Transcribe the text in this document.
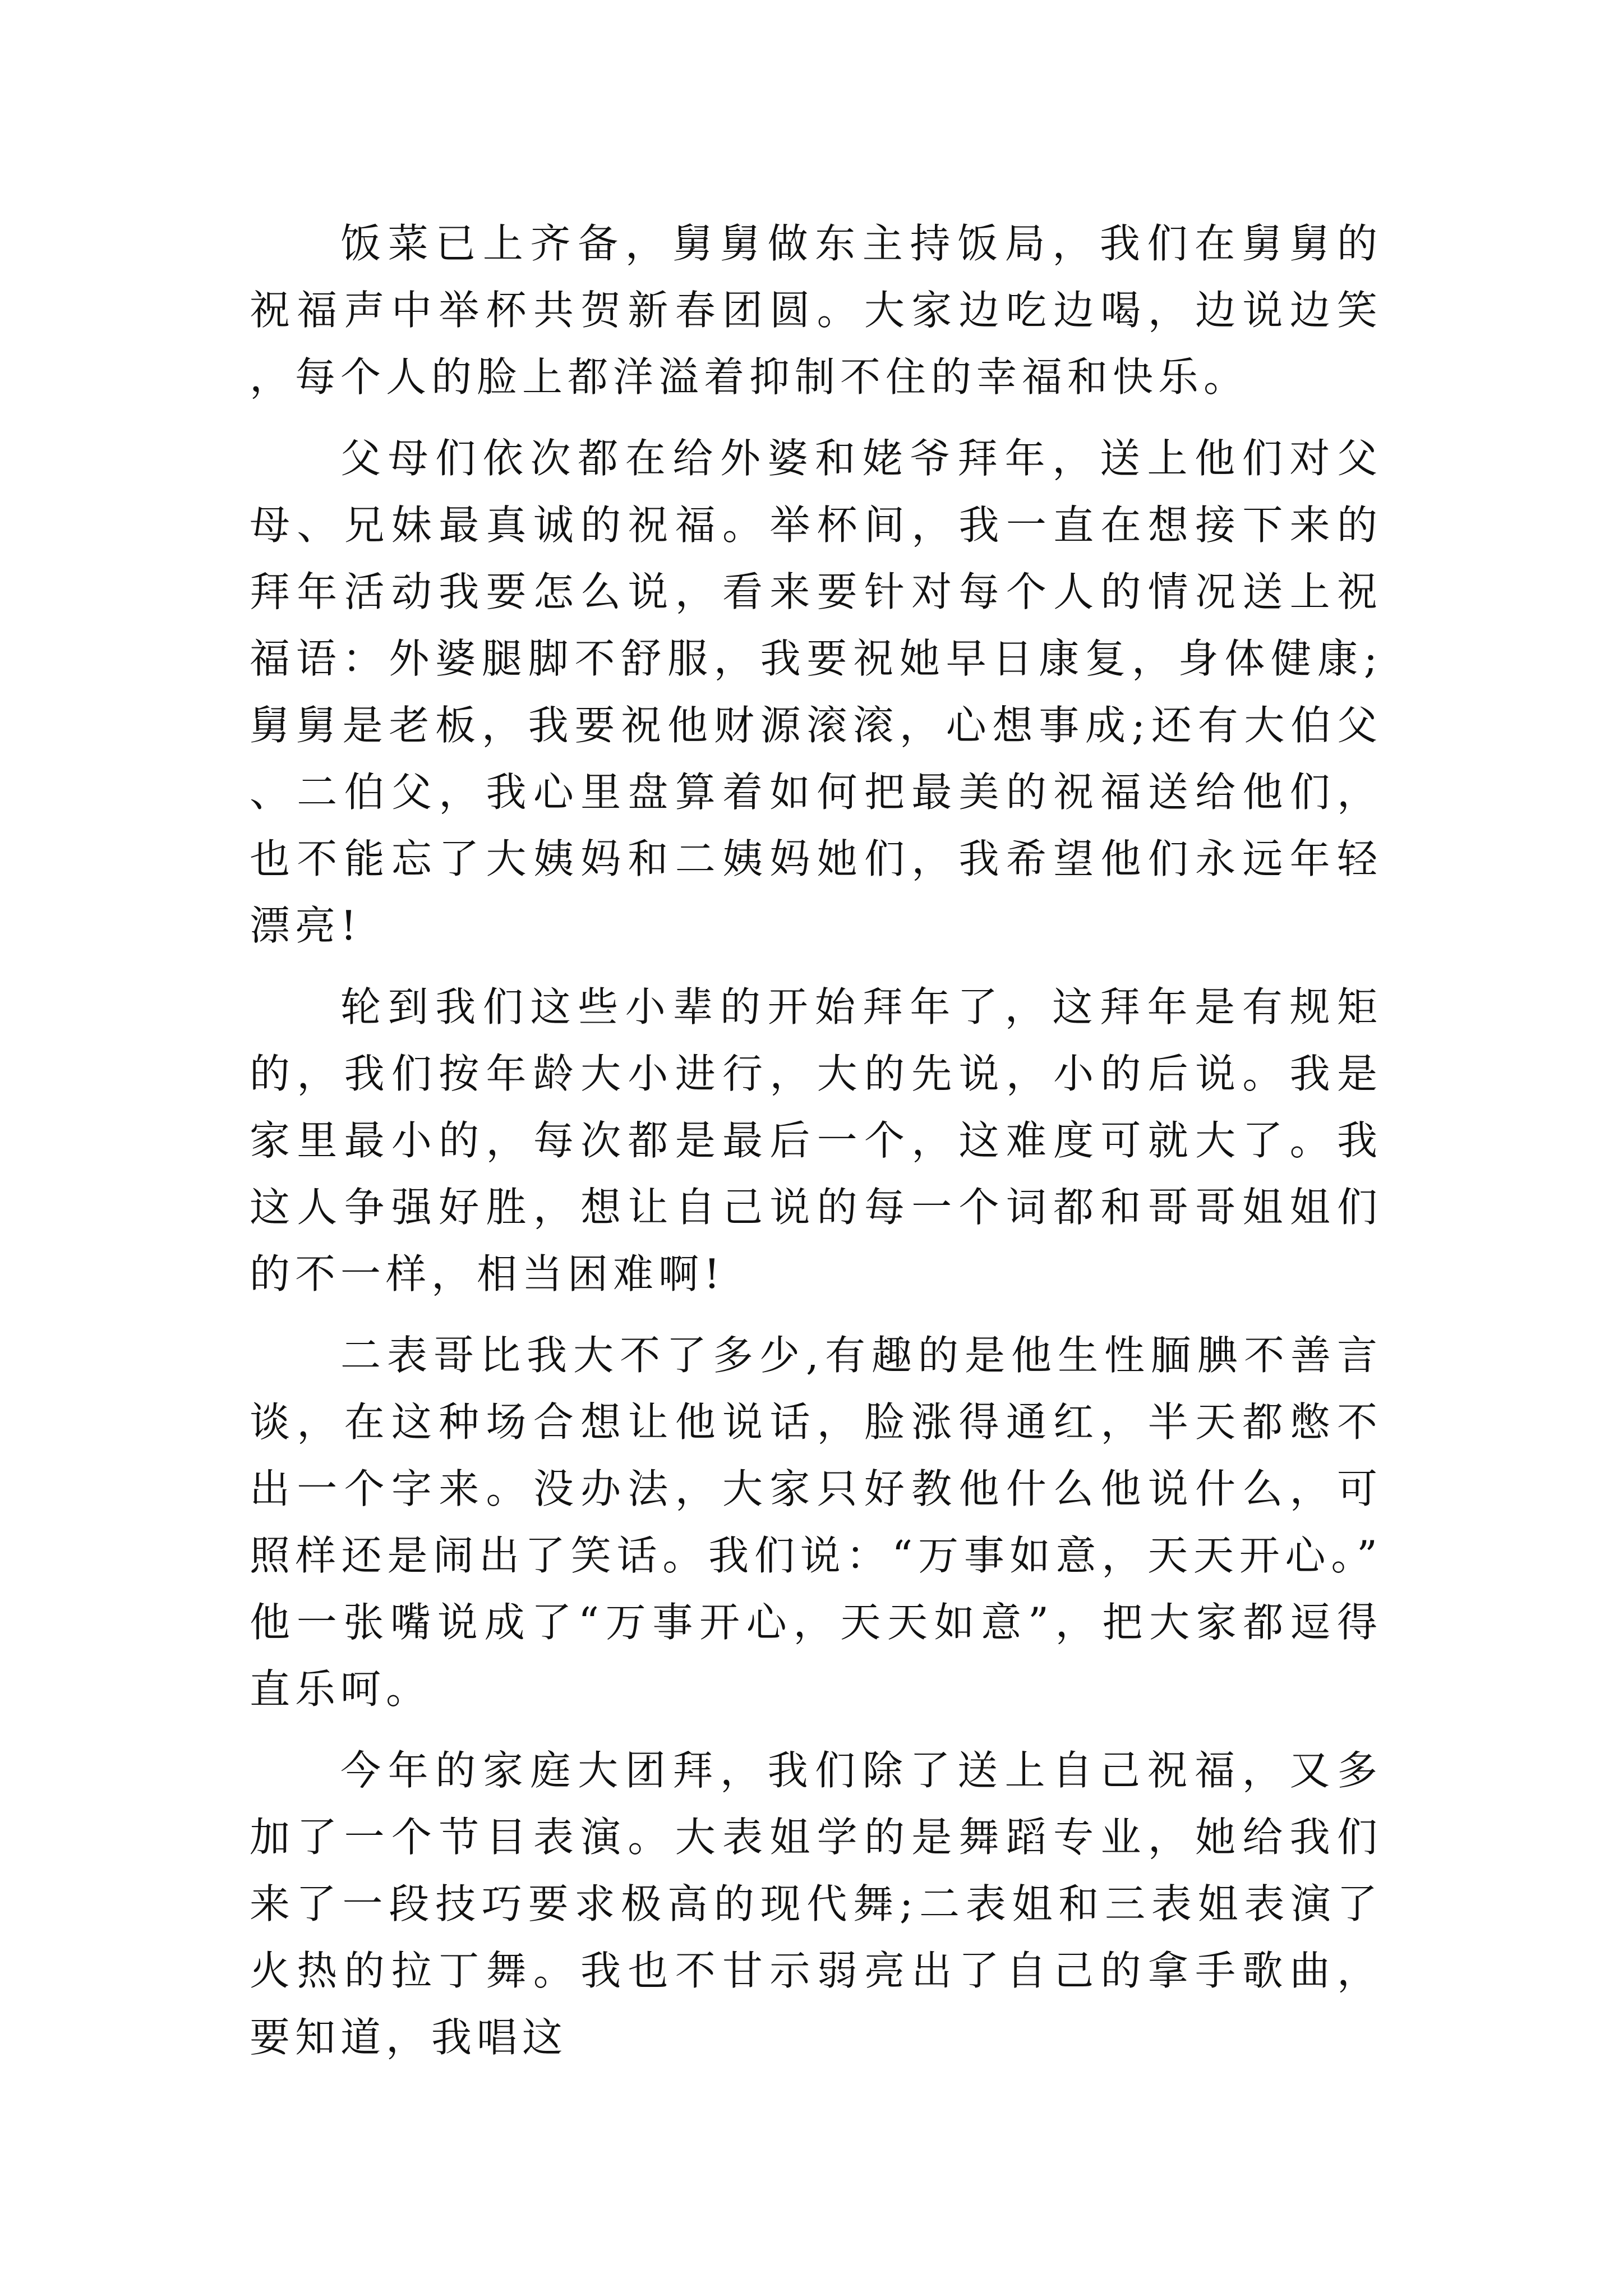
饭菜已上齐备，舅舅做东主持饭局，我们在舅舅的祝福声中举杯共贺新春团圆。大家边吃边喝，边说边笑，每个人的脸上都洋溢着抑制不住的幸福和快乐。

父母们依次都在给外婆和姥爷拜年，送上他们对父母、兄妹最真诚的祝福。举杯间，我一直在想接下来的拜年活动我要怎么说，看来要针对每个人的情况送上祝福语：外婆腿脚不舒服，我要祝她早日康复，身体健康;舅舅是老板，我要祝他财源滚滚，心想事成;还有大伯父、二伯父，我心里盘算着如何把最美的祝福送给他们，也不能忘了大姨妈和二姨妈她们，我希望他们永远年轻漂亮!

轮到我们这些小辈的开始拜年了，这拜年是有规矩的，我们按年龄大小进行，大的先说，小的后说。我是家里最小的，每次都是最后一个，这难度可就大了。我这人争强好胜，想让自己说的每一个词都和哥哥姐姐们的不一样，相当困难啊!

二表哥比我大不了多少,有趣的是他生性腼腆不善言谈，在这种场合想让他说话，脸涨得通红，半天都憋不出一个字来。没办法，大家只好教他什么他说什么，可照样还是闹出了笑话。我们说：“万事如意，天天开心。”他一张嘴说成了“万事开心，天天如意”，把大家都逗得直乐呵。

今年的家庭大团拜，我们除了送上自己祝福，又多加了一个节目表演。大表姐学的是舞蹈专业，她给我们来了一段技巧要求极高的现代舞;二表姐和三表姐表演了火热的拉丁舞。我也不甘示弱亮出了自己的拿手歌曲，要知道，我唱这
